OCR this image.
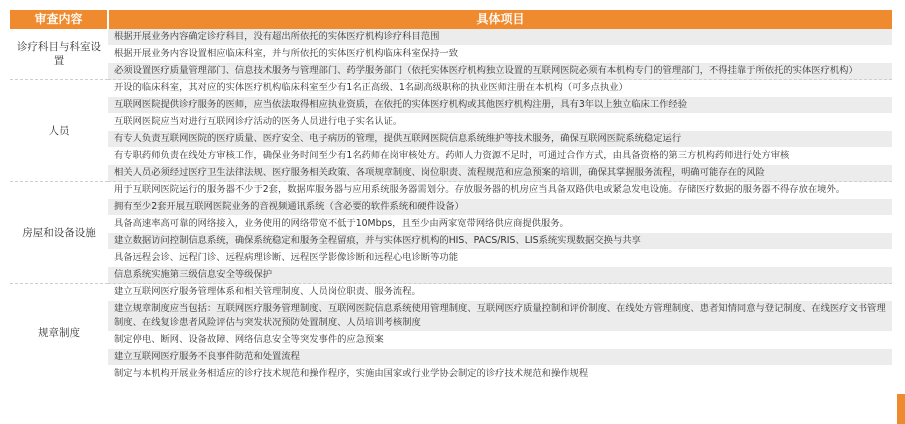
审查内容	具体项目
诊疗科目与科室设置	根据开展业务内容确定诊疗科目，没有超出所依托的实体医疗机构诊疗科目范围
	根据开展业务内容设置相应临床科室，并与所依托的实体医疗机构临床科室保持一致
	必须设置医疗质量管理部门、信息技术服务与管理部门、药学服务部门（依托实体医疗机构独立设置的互联网医院必须有本机构专门的管理部门，不得挂靠于所依托的实体医疗机构）
人员	开设的临床科室，其对应的实体医疗机构临床科室至少有1名正高级、1名副高级职称的执业医师注册在本机构（可多点执业）
	互联网医院提供诊疗服务的医师，应当依法取得相应执业资质，在依托的实体医疗机构或其他医疗机构注册，具有3年以上独立临床工作经验
	互联网医院应当对进行互联网诊疗活动的医务人员进行电子实名认证。
	有专人负责互联网医院的医疗质量、医疗安全、电子病历的管理，提供互联网医院信息系统维护等技术服务，确保互联网医院系统稳定运行
	有专职药师负责在线处方审核工作，确保业务时间至少有1名药师在岗审核处方。药师人力资源不足时，可通过合作方式，由具备资格的第三方机构药师进行处方审核
	相关人员必须经过医疗卫生法律法规、医疗服务相关政策、各项规章制度、岗位职责、流程规范和应急预案的培训，确保其掌握服务流程，明确可能存在的风险
房屋和设备设施	用于互联网医院运行的服务器不少于2套，数据库服务器与应用系统服务器需划分。存放服务器的机房应当具备双路供电或紧急发电设施。存储医疗数据的服务器不得存放在境外。
	拥有至少2套开展互联网医院业务的音视频通讯系统（含必要的软件系统和硬件设备）
	具备高速率高可靠的网络接入，业务使用的网络带宽不低于10Mbps，且至少由两家宽带网络供应商提供服务。
	建立数据访问控制信息系统，确保系统稳定和服务全程留痕，并与实体医疗机构的HIS、PACS/RIS、LIS系统实现数据交换与共享
	具备远程会诊、远程门诊、远程病理诊断、远程医学影像诊断和远程心电诊断等功能
	信息系统实施第三级信息安全等级保护
规章制度	建立互联网医疗服务管理体系和相关管理制度、人员岗位职责、服务流程。
	建立规章制度应当包括：互联网医疗服务管理制度、互联网医院信息系统使用管理制度、互联网医疗质量控制和评价制度、在线处方管理制度、患者知情同意与登记制度、在线医疗文书管理制度、在线复诊患者风险评估与突发状况预防处置制度、人员培训考核制度
	制定停电、断网、设备故障、网络信息安全等突发事件的应急预案
	建立互联网医疗服务不良事件防范和处置流程
	制定与本机构开展业务相适应的诊疗技术规范和操作程序，实施由国家或行业学协会制定的诊疗技术规范和操作规程
